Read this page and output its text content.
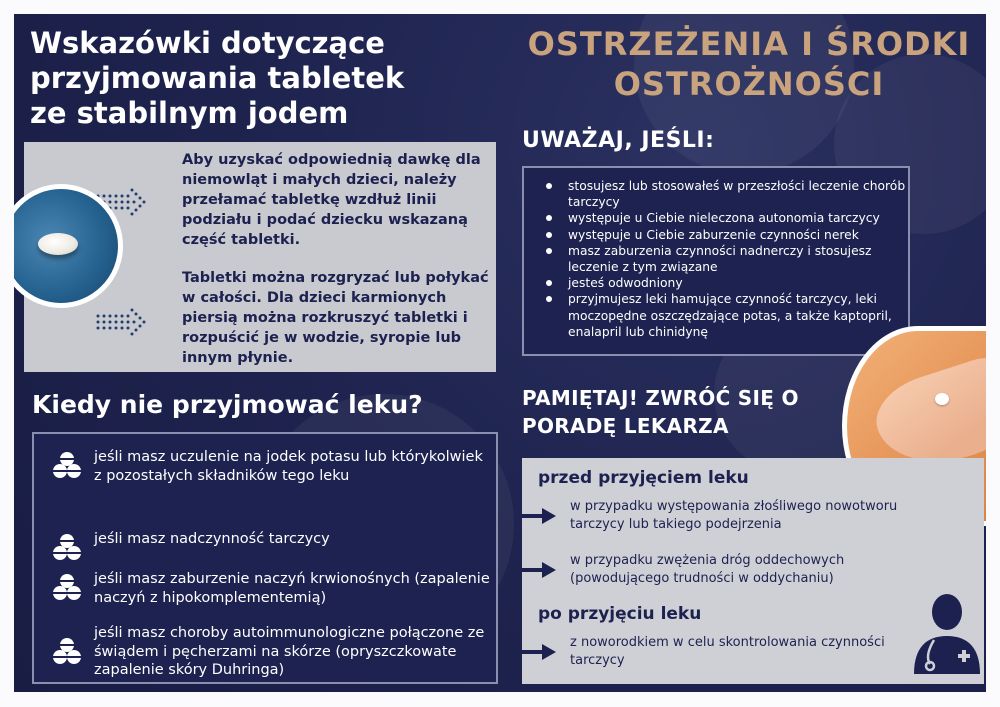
Wskazówki dotyczące przyjmowania tabletek ze stabilnym jodem

Aby uzyskać odpowiednią dawkę dla niemowląt i małych dzieci, należy przełamać tabletkę wzdłuż linii podziału i podać dziecku wskazaną część tabletki.

Tabletki można rozgryzać lub połykać w całości. Dla dzieci karmionych piersią można rozkruszyć tabletki i rozpuścić je w wodzie, syropie lub innym płynie.

Kiedy nie przyjmować leku?
jeśli masz uczulenie na jodek potasu lub którykolwiek z pozostałych składników tego leku
jeśli masz nadczynność tarczycy
jeśli masz zaburzenie naczyń krwionośnych (zapalenie naczyń z hipokomplementemią)
jeśli masz choroby autoimmunologiczne połączone ze świądem i pęcherzami na skórze (opryszczkowate zapalenie skóry Duhringa)
OSTRZEŻENIA I ŚRODKI OSTROŻNOŚCI
UWAŻAJ, JEŚLI:
stosujesz lub stosowałeś w przeszłości leczenie chorób tarczycy
występuje u Ciebie nieleczona autonomia tarczycy
występuje u Ciebie zaburzenie czynności nerek
masz zaburzenia czynności nadnerczy i stosujesz leczenie z tym związane
jesteś odwodniony
przyjmujesz leki hamujące czynność tarczycy, leki moczopędne oszczędzające potas, a także kaptopril, enalapril lub chinidynę
PAMIĘTAJ! ZWRÓĆ SIĘ O PORADĘ LEKARZA
przed przyjęciem leku
w przypadku występowania złośliwego nowotworu tarczycy lub takiego podejrzenia
w przypadku zwężenia dróg oddechowych (powodującego trudności w oddychaniu)
po przyjęciu leku
z noworodkiem w celu skontrolowania czynności tarczycy
